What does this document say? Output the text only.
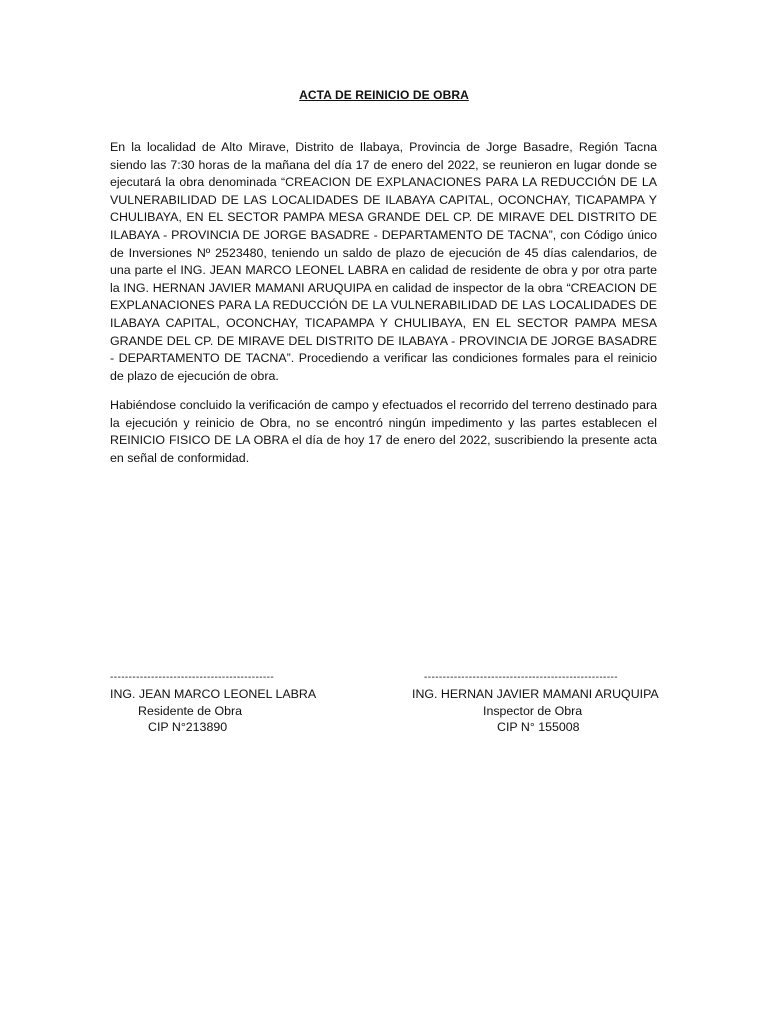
ACTA DE REINICIO DE OBRA

En la localidad de Alto Mirave, Distrito de Ilabaya, Provincia de Jorge Basadre, Región Tacna siendo las 7:30 horas de la mañana del día 17 de enero del 2022, se reunieron en lugar donde se ejecutará la obra denominada “CREACION DE EXPLANACIONES PARA LA REDUCCIÓN DE LA VULNERABILIDAD DE LAS LOCALIDADES DE ILABAYA CAPITAL, OCONCHAY, TICAPAMPA Y CHULIBAYA, EN EL SECTOR PAMPA MESA GRANDE DEL CP. DE MIRAVE DEL DISTRITO DE ILABAYA - PROVINCIA DE JORGE BASADRE - DEPARTAMENTO DE TACNA”, con Código único de Inversiones Nº 2523480, teniendo un saldo de plazo de ejecución de 45 días calendarios, de una parte el ING. JEAN MARCO LEONEL LABRA en calidad de residente de obra y por otra parte la ING. HERNAN JAVIER MAMANI ARUQUIPA en calidad de inspector de la obra “CREACION DE EXPLANACIONES PARA LA REDUCCIÓN DE LA VULNERABILIDAD DE LAS LOCALIDADES DE ILABAYA CAPITAL, OCONCHAY, TICAPAMPA Y CHULIBAYA, EN EL SECTOR PAMPA MESA GRANDE DEL CP. DE MIRAVE DEL DISTRITO DE ILABAYA - PROVINCIA DE JORGE BASADRE - DEPARTAMENTO DE TACNA”. Procediendo a verificar las condiciones formales para el reinicio de plazo de ejecución de obra.

Habiéndose concluido la verificación de campo y efectuados el recorrido del terreno destinado para la ejecución y reinicio de Obra, no se encontró ningún impedimento y las partes establecen el REINICIO FISICO DE LA OBRA el día de hoy 17 de enero del 2022, suscribiendo la presente acta en señal de conformidad.

--------------------------------------------
ING. JEAN MARCO LEONEL LABRA
Residente de Obra
CIP N°213890
----------------------------------------------------
ING. HERNAN JAVIER MAMANI ARUQUIPA
Inspector de Obra
CIP N° 155008
